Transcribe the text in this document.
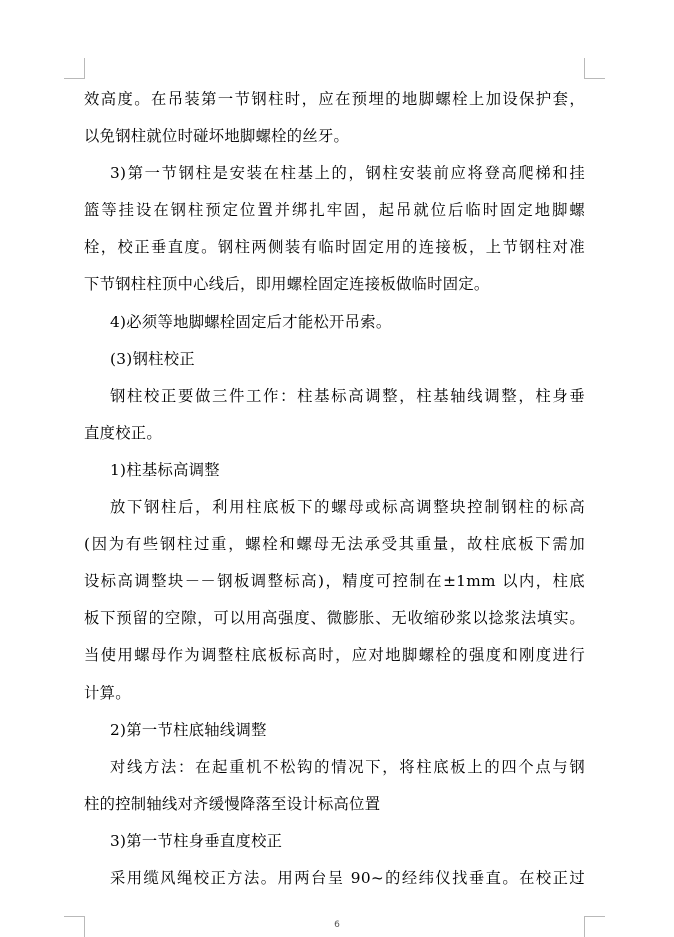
效高度。在吊装第一节钢柱时，应在预埋的地脚螺栓上加设保护套，
以免钢柱就位时碰坏地脚螺栓的丝牙。
3)第一节钢柱是安装在柱基上的，钢柱安装前应将登高爬梯和挂
篮等挂设在钢柱预定位置并绑扎牢固，起吊就位后临时固定地脚螺
栓，校正垂直度。钢柱两侧装有临时固定用的连接板，上节钢柱对准
下节钢柱柱顶中心线后，即用螺栓固定连接板做临时固定。
4)必须等地脚螺栓固定后才能松开吊索。
(3)钢柱校正
钢柱校正要做三件工作：柱基标高调整，柱基轴线调整，柱身垂
直度校正。
1)柱基标高调整
放下钢柱后，利用柱底板下的螺母或标高调整块控制钢柱的标高
(因为有些钢柱过重，螺栓和螺母无法承受其重量，故柱底板下需加
设标高调整块－－钢板调整标高)，精度可控制在±1mm 以内，柱底
板下预留的空隙，可以用高强度、微膨胀、无收缩砂浆以捻浆法填实。
当使用螺母作为调整柱底板标高时，应对地脚螺栓的强度和刚度进行
计算。
2)第一节柱底轴线调整
对线方法：在起重机不松钩的情况下，将柱底板上的四个点与钢
柱的控制轴线对齐缓慢降落至设计标高位置
3)第一节柱身垂直度校正
采用缆风绳校正方法。用两台呈 90~的经纬仪找垂直。在校正过
6
